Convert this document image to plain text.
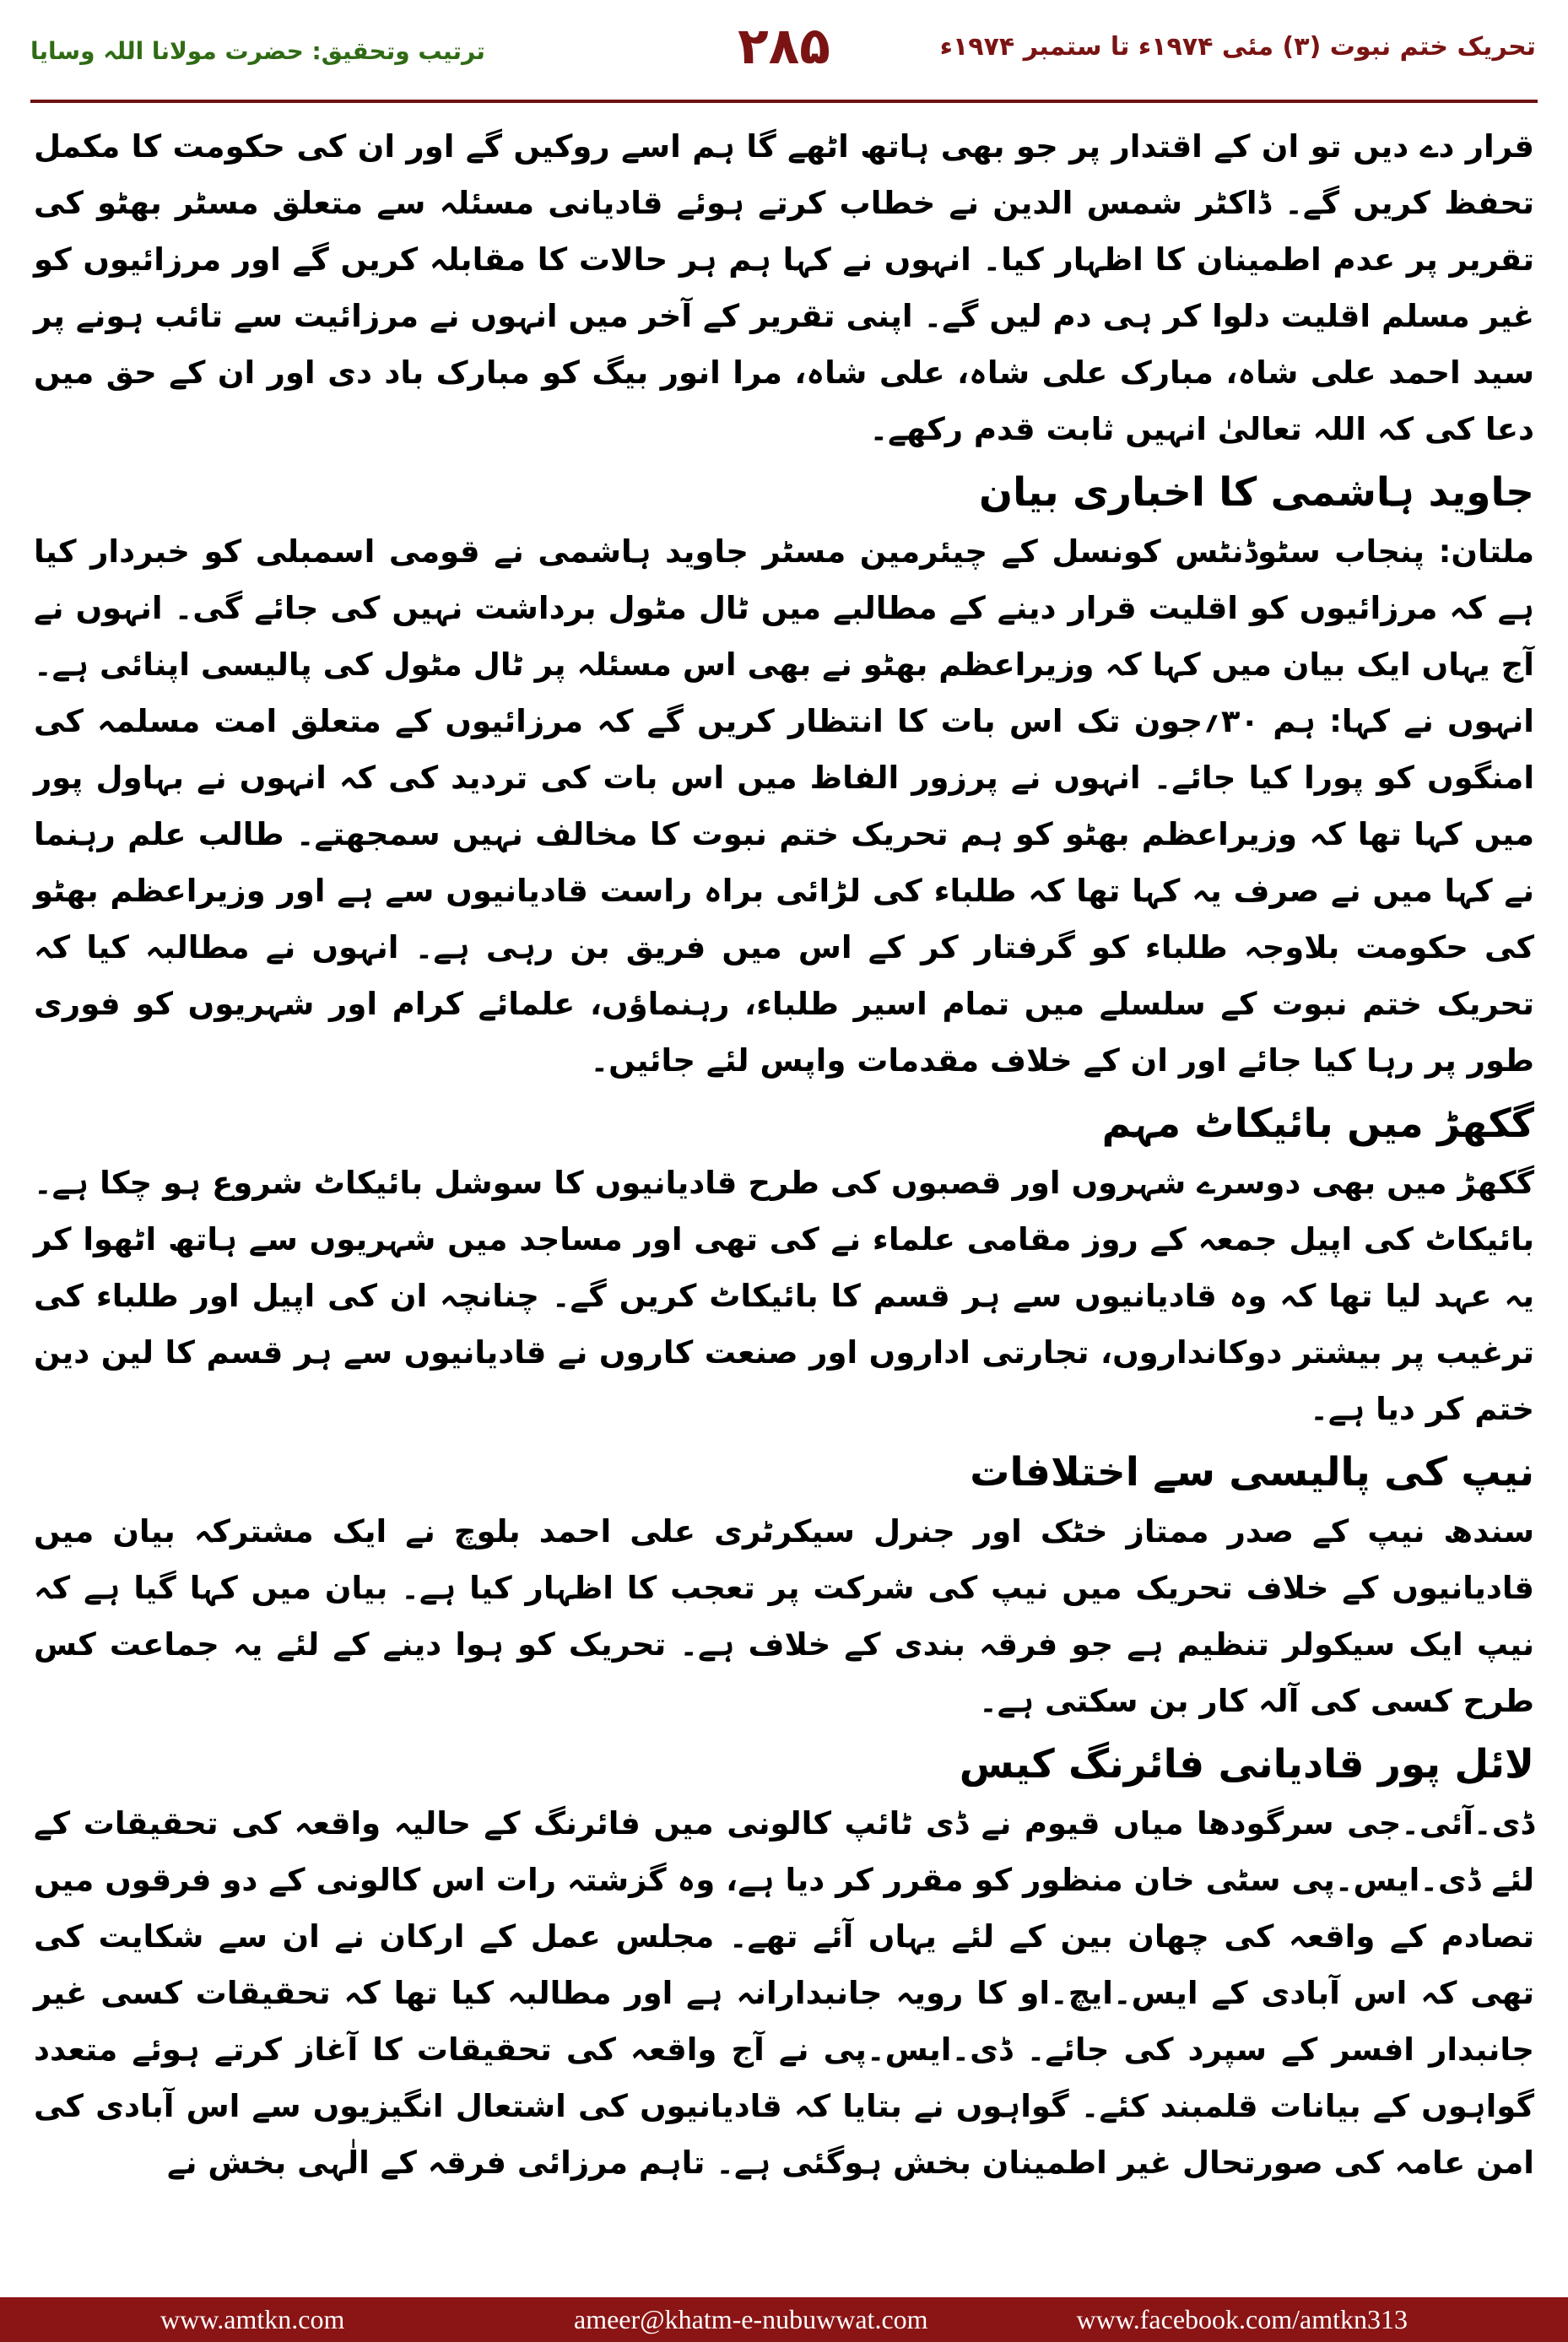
تحریک ختم نبوت (۳) مئی ۱۹۷۴ء تا ستمبر ۱۹۷۴ء
۲۸۵
ترتیب وتحقیق: حضرت مولانا اللہ وسایا

قرار دے دیں تو ان کے اقتدار پر جو بھی ہاتھ اٹھے گا ہم اسے روکیں گے اور ان کی حکومت کا مکمل تحفظ کریں گے۔ ڈاکٹر شمس الدین نے خطاب کرتے ہوئے قادیانی مسئلہ سے متعلق مسٹر بھٹو کی تقریر پر عدم اطمینان کا اظہار کیا۔ انہوں نے کہا ہم ہر حالات کا مقابلہ کریں گے اور مرزائیوں کو غیر مسلم اقلیت دلوا کر ہی دم لیں گے۔ اپنی تقریر کے آخر میں انہوں نے مرزائیت سے تائب ہونے پر سید احمد علی شاہ، مبارک علی شاہ، علی شاہ، مرا انور بیگ کو مبارک باد دی اور ان کے حق میں دعا کی کہ اللہ تعالیٰ انہیں ثابت قدم رکھے۔

جاوید ہاشمی کا اخباری بیان

ملتان: پنجاب سٹوڈنٹس کونسل کے چیئرمین مسٹر جاوید ہاشمی نے قومی اسمبلی کو خبردار کیا ہے کہ مرزائیوں کو اقلیت قرار دینے کے مطالبے میں ٹال مٹول برداشت نہیں کی جائے گی۔ انہوں نے آج یہاں ایک بیان میں کہا کہ وزیراعظم بھٹو نے بھی اس مسئلہ پر ٹال مٹول کی پالیسی اپنائی ہے۔ انہوں نے کہا: ہم ۳۰؍جون تک اس بات کا انتظار کریں گے کہ مرزائیوں کے متعلق امت مسلمہ کی امنگوں کو پورا کیا جائے۔ انہوں نے پرزور الفاظ میں اس بات کی تردید کی کہ انہوں نے بہاول پور میں کہا تھا کہ وزیراعظم بھٹو کو ہم تحریک ختم نبوت کا مخالف نہیں سمجھتے۔ طالب علم رہنما نے کہا میں نے صرف یہ کہا تھا کہ طلباء کی لڑائی براہ راست قادیانیوں سے ہے اور وزیراعظم بھٹو کی حکومت بلاوجہ طلباء کو گرفتار کر کے اس میں فریق بن رہی ہے۔ انہوں نے مطالبہ کیا کہ تحریک ختم نبوت کے سلسلے میں تمام اسیر طلباء، رہنماؤں، علمائے کرام اور شہریوں کو فوری طور پر رہا کیا جائے اور ان کے خلاف مقدمات واپس لئے جائیں۔

گکھڑ میں بائیکاٹ مہم

گکھڑ میں بھی دوسرے شہروں اور قصبوں کی طرح قادیانیوں کا سوشل بائیکاٹ شروع ہو چکا ہے۔ بائیکاٹ کی اپیل جمعہ کے روز مقامی علماء نے کی تھی اور مساجد میں شہریوں سے ہاتھ اٹھوا کر یہ عہد لیا تھا کہ وہ قادیانیوں سے ہر قسم کا بائیکاٹ کریں گے۔ چنانچہ ان کی اپیل اور طلباء کی ترغیب پر بیشتر دوکانداروں، تجارتی اداروں اور صنعت کاروں نے قادیانیوں سے ہر قسم کا لین دین ختم کر دیا ہے۔

نیپ کی پالیسی سے اختلافات

سندھ نیپ کے صدر ممتاز خٹک اور جنرل سیکرٹری علی احمد بلوچ نے ایک مشترکہ بیان میں قادیانیوں کے خلاف تحریک میں نیپ کی شرکت پر تعجب کا اظہار کیا ہے۔ بیان میں کہا گیا ہے کہ نیپ ایک سیکولر تنظیم ہے جو فرقہ بندی کے خلاف ہے۔ تحریک کو ہوا دینے کے لئے یہ جماعت کس طرح کسی کی آلہ کار بن سکتی ہے۔

لائل پور قادیانی فائرنگ کیس

ڈی۔آئی۔جی سرگودھا میاں قیوم نے ڈی ٹائپ کالونی میں فائرنگ کے حالیہ واقعہ کی تحقیقات کے لئے ڈی۔ایس۔پی سٹی خان منظور کو مقرر کر دیا ہے، وہ گزشتہ رات اس کالونی کے دو فرقوں میں تصادم کے واقعہ کی چھان بین کے لئے یہاں آئے تھے۔ مجلس عمل کے ارکان نے ان سے شکایت کی تھی کہ اس آبادی کے ایس۔ایچ۔او کا رویہ جانبدارانہ ہے اور مطالبہ کیا تھا کہ تحقیقات کسی غیر جانبدار افسر کے سپرد کی جائے۔ ڈی۔ایس۔پی نے آج واقعہ کی تحقیقات کا آغاز کرتے ہوئے متعدد گواہوں کے بیانات قلمبند کئے۔ گواہوں نے بتایا کہ قادیانیوں کی اشتعال انگیزیوں سے اس آبادی کی امن عامہ کی صورتحال غیر اطمینان بخش ہوگئی ہے۔ تاہم مرزائی فرقہ کے الٰہی بخش نے

www.amtkn.com	ameer@khatm-e-nubuwwat.com	www.facebook.com/amtkn313
